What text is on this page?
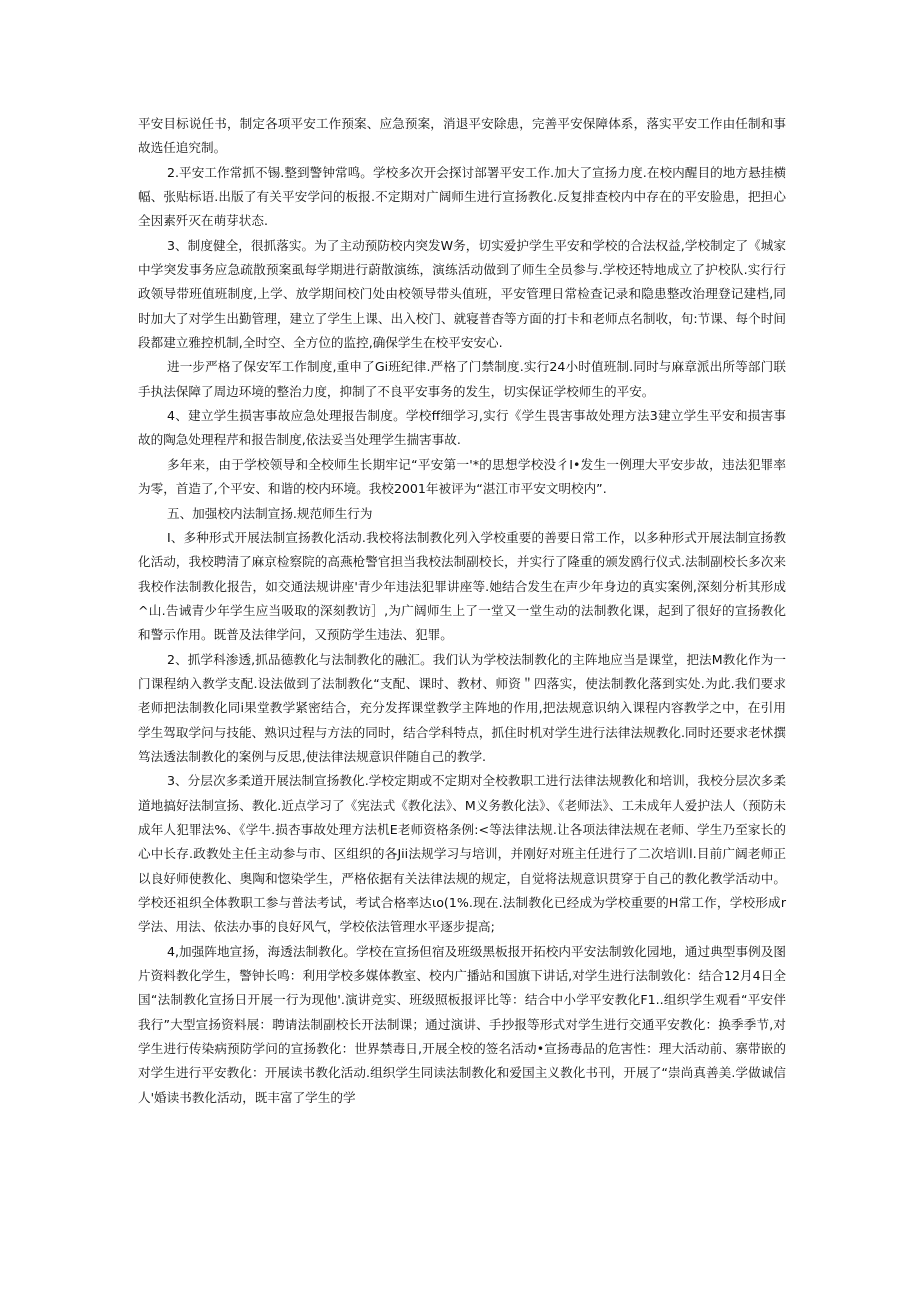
平安目标说任书，制定各项平安工作预案、应急预案，消退平安除患，完善平安保障体系，落实平安工作由任制和事故选任追究制。

2.平安工作常抓不锡.整到警钟常鸣。学校多次开会探讨部署平安工作.加大了宣扬力度.在校内醒目的地方悬挂横幅、张贴标语.出版了有关平安学问的板报.不定期对广阔师生进行宣扬教化.反复排查校内中存在的平安脸患，把担心全因素歼灭在萌芽状态.

3、制度健全，很抓落实。为了主动预防校内突发W务，切实爱护学生平安和学校的合法权益,学校制定了《城家中学突发事务应急疏散预案虱每学期进行蔚散演练，演练活动做到了师生全员参与.学校还特地成立了护校队.实行行政领导带班值班制度,上学、放学期间校门处由校领导带头值班，平安管理日常检查记录和隐患整改治理登记建档,同时加大了对学生出勤管理，建立了学生上课、出入校门、就寝普杳等方面的打卡和老师点名制收，旬:节课、每个时间段都建立雅控机制,全时空、全方位的监控,确保学生在校平安安心.

进一步严格了保安军工作制度,重申了Gi班纪律.严格了门禁制度.实行24小时值班制.同时与麻章派出所等部门联手执法保障了周边环境的整治力度，抑制了不良平安事务的发生，切实保证学校师生的平安。

4、建立学生损害事故应急处理报告制度。学校ff细学习,实行《学生畏害事故处理方法3建立学生平安和损害事故的陶急处理程芹和报告制度,依法妥当处理学生揣害事故.

多年来，由于学校领导和全校师生长期牢记“平安第一'*的思想学校没彳I•发生一例理大平安步故，违法犯罪率为零，首造了,个平安、和谐的校内环境。我校2001年被评为“湛江市平安文明校内”.

五、加强校内法制宣扬.规范师生行为

I、多种形式开展法制宣扬教化活动.我校将法制教化列入学校重要的善要日常工作，以多种形式开展法制宣扬教化活动，我校聘清了麻京检察院的高燕枪警官担当我校法制副校长，并实行了隆重的颁发鸥行仪式.法制副校长多次来我校作法制教化报告，如交通法规讲座'青少年违法犯罪讲座等.她结合发生在声少年身边的真实案例,深刻分析其形成^山.告诫青少年学生应当吸取的深刻教访］,为广阔师生上了一堂又一堂生动的法制教化课，起到了很好的宣扬教化和警示作用。既普及法律学问，又预防学生违法、犯罪。

2、抓学科渗透,抓品德教化与法制教化的融汇。我们认为学校法制教化的主阵地应当是课堂，把法M教化作为一门课程纳入教学支配.设法做到了法制教化“支配、课时、教材、师资＂四落实，使法制教化落到实处.为此.我们要求老师把法制教化同i果堂教学紧密结合，充分发挥课堂教学主阵地的作用,把法规意识纳入课程内容教学之中，在引用学生驾取学问与技能、熟识过程与方法的同时，结合学科特点，抓住时机对学生进行法律法规教化.同时还要求老怵撰笃法透法制教化的案例与反思,使法律法规意识伴随自己的教学.

3、分层次多柔道开展法制宣扬教化.学校定期或不定期对全校教职工进行法律法规教化和培训，我校分层次多柔道地搞好法制宣扬、教化.近点学习了《宪法式《教化法》、M义务教化法》、《老师法》、工未成年人爱护法人（预防未成年人犯罪法%、《学牛.损杏事故处理方法机E老师资格条例:<等法律法规.让各项法律法规在老师、学生乃至家长的心中长存.政教处主任主动参与市、区组织的各Jii法规学习与培训，并刚好对班主任进行了二次培训l.目前广阔老师正以良好师使教化、奥陶和惚染学生，严格依据有关法律法规的规定，自觉将法规意识贯穿于自己的教化教学活动中。学校还祖织全体教职工参与普法考试，考试合格率达ιo(1%.现在.法制教化已经成为学校重要的H常工作，学校形成r学法、用法、依法办事的良好风气，学校依法管理水平逐步提高;

4,加强阵地宣扬，海透法制教化。学校在宣扬但宿及班级黑板报开拓校内平安法制敦化园地，通过典型事例及图片资料教化学生，警钟长鸣：利用学校多媒体教室、校内广播站和国旗下讲话,对学生进行法制敦化：结合12月4日全国“法制教化宣扬日开展一行为现他'.演讲竞实、班级照板报评比等：结合中小学平安教化F1..组织学生观看“平安伴我行”大型宣扬资料展：聘请法制副校长开法制课；通过演讲、手抄报等形式对学生进行交通平安教化：换季季节,对学生进行传染病预防学问的宣扬教化：世界禁毒日,开展全校的签名活动•宣扬毒品的危害性：理大活动前、寨带嵌的对学生进行平安教化：开展读书教化活动.组织学生同读法制教化和爱国主义教化书刊，开展了“崇尚真善美.学做诚信人'婚读书教化活动，既丰富了学生的学
